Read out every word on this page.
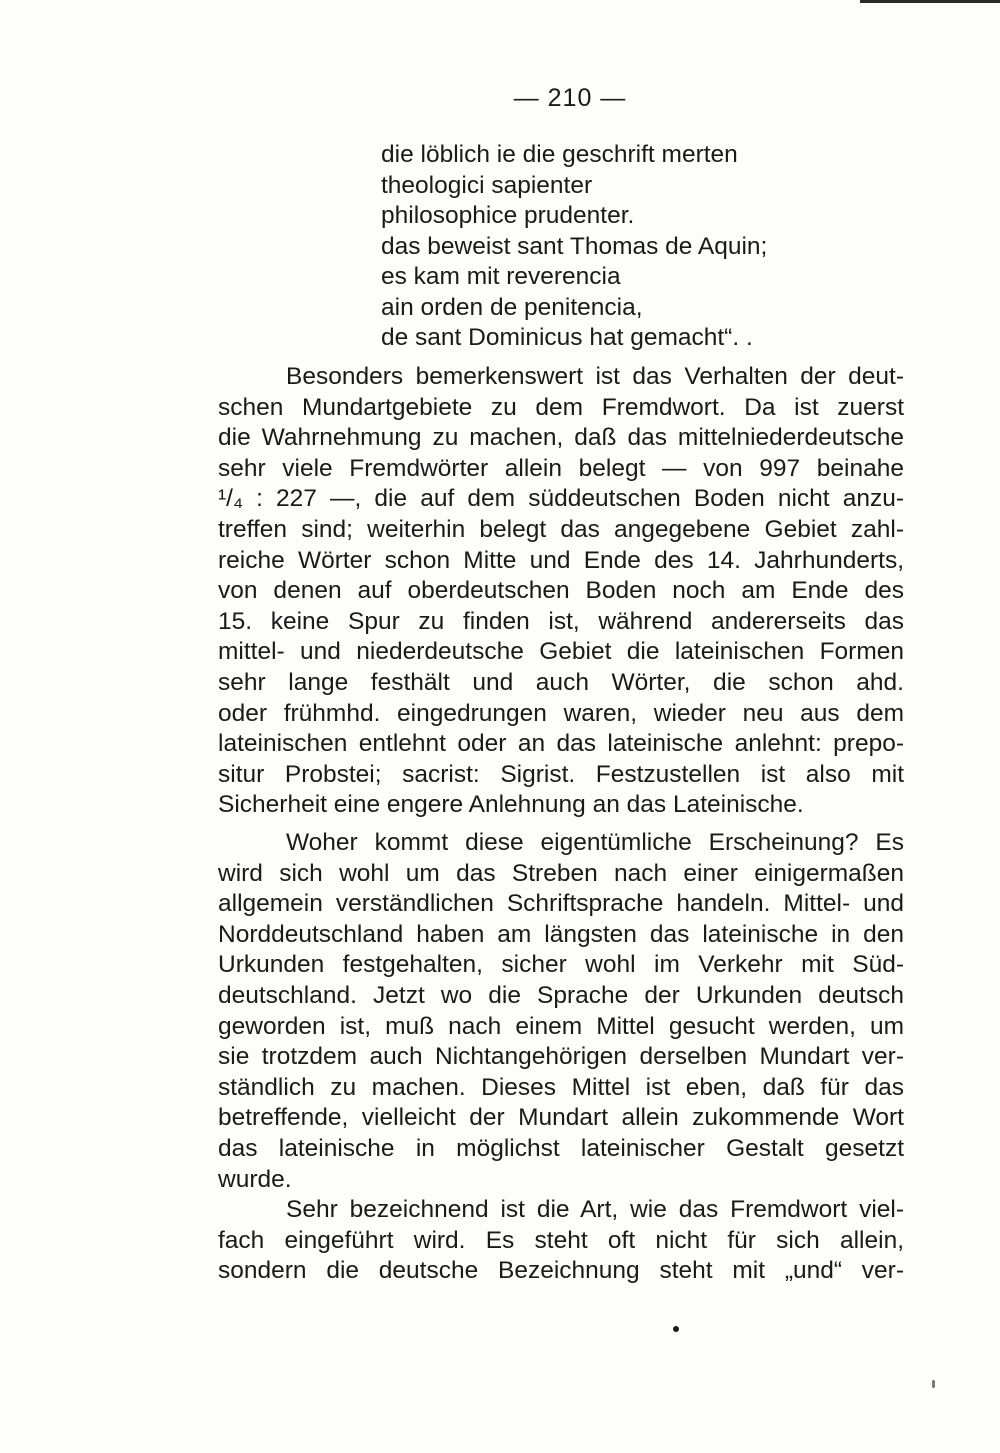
— 210 —
die löblich ie die geschrift merten
theologici sapienter
philosophice prudenter.
das beweist sant Thomas de Aquin;
es kam mit reverencia
ain orden de penitencia,
de sant Dominicus hat gemacht“. .

Besonders bemerkenswert ist das Verhalten der deut-
schen Mundartgebiete zu dem Fremdwort. Da ist zuerst
die Wahrnehmung zu machen, daß das mittelniederdeutsche
sehr viele Fremdwörter allein belegt — von 997 beinahe
¹/₄ : 227 —, die auf dem süddeutschen Boden nicht anzu-
treffen sind; weiterhin belegt das angegebene Gebiet zahl-
reiche Wörter schon Mitte und Ende des 14. Jahrhunderts,
von denen auf oberdeutschen Boden noch am Ende des
15. keine Spur zu finden ist, während andererseits das
mittel- und niederdeutsche Gebiet die lateinischen Formen
sehr lange festhält und auch Wörter, die schon ahd.
oder frühmhd. eingedrungen waren, wieder neu aus dem
lateinischen entlehnt oder an das lateinische anlehnt: prepo-
situr Probstei; sacrist: Sigrist. Festzustellen ist also mit
Sicherheit eine engere Anlehnung an das Lateinische.

Woher kommt diese eigentümliche Erscheinung? Es
wird sich wohl um das Streben nach einer einigermaßen
allgemein verständlichen Schriftsprache handeln. Mittel- und
Norddeutschland haben am längsten das lateinische in den
Urkunden festgehalten, sicher wohl im Verkehr mit Süd-
deutschland. Jetzt wo die Sprache der Urkunden deutsch
geworden ist, muß nach einem Mittel gesucht werden, um
sie trotzdem auch Nichtangehörigen derselben Mundart ver-
ständlich zu machen. Dieses Mittel ist eben, daß für das
betreffende, vielleicht der Mundart allein zukommende Wort
das lateinische in möglichst lateinischer Gestalt gesetzt
wurde.

Sehr bezeichnend ist die Art, wie das Fremdwort viel-
fach eingeführt wird. Es steht oft nicht für sich allein,
sondern die deutsche Bezeichnung steht mit „und“ ver-
